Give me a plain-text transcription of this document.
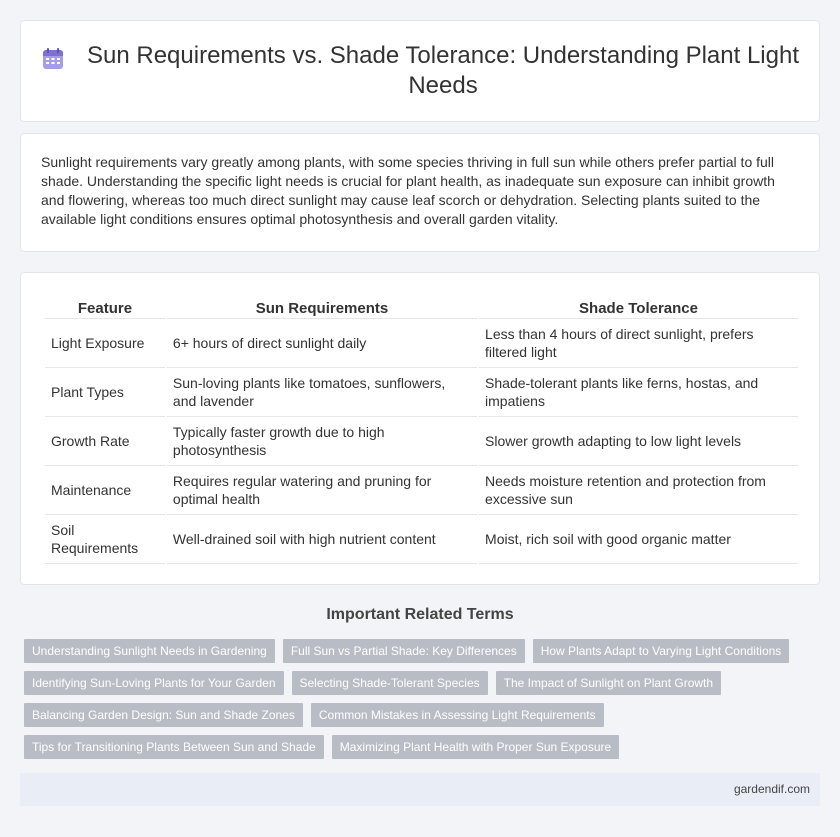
Sun Requirements vs. Shade Tolerance: Understanding Plant Light Needs

Sunlight requirements vary greatly among plants, with some species thriving in full sun while others prefer partial to full shade. Understanding the specific light needs is crucial for plant health, as inadequate sun exposure can inhibit growth and flowering, whereas too much direct sunlight may cause leaf scorch or dehydration. Selecting plants suited to the available light conditions ensures optimal photosynthesis and overall garden vitality.

Feature	Sun Requirements	Shade Tolerance
Light Exposure	6+ hours of direct sunlight daily	Less than 4 hours of direct sunlight, prefers filtered light
Plant Types	Sun-loving plants like tomatoes, sunflowers, and lavender	Shade-tolerant plants like ferns, hostas, and impatiens
Growth Rate	Typically faster growth due to high photosynthesis	Slower growth adapting to low light levels
Maintenance	Requires regular watering and pruning for optimal health	Needs moisture retention and protection from excessive sun
Soil Requirements	Well-drained soil with high nutrient content	Moist, rich soil with good organic matter
Important Related Terms
Understanding Sunlight Needs in Gardening	Full Sun vs Partial Shade: Key Differences	How Plants Adapt to Varying Light Conditions
Identifying Sun-Loving Plants for Your Garden	Selecting Shade-Tolerant Species	The Impact of Sunlight on Plant Growth
Balancing Garden Design: Sun and Shade Zones	Common Mistakes in Assessing Light Requirements
Tips for Transitioning Plants Between Sun and Shade	Maximizing Plant Health with Proper Sun Exposure
gardendif.com
